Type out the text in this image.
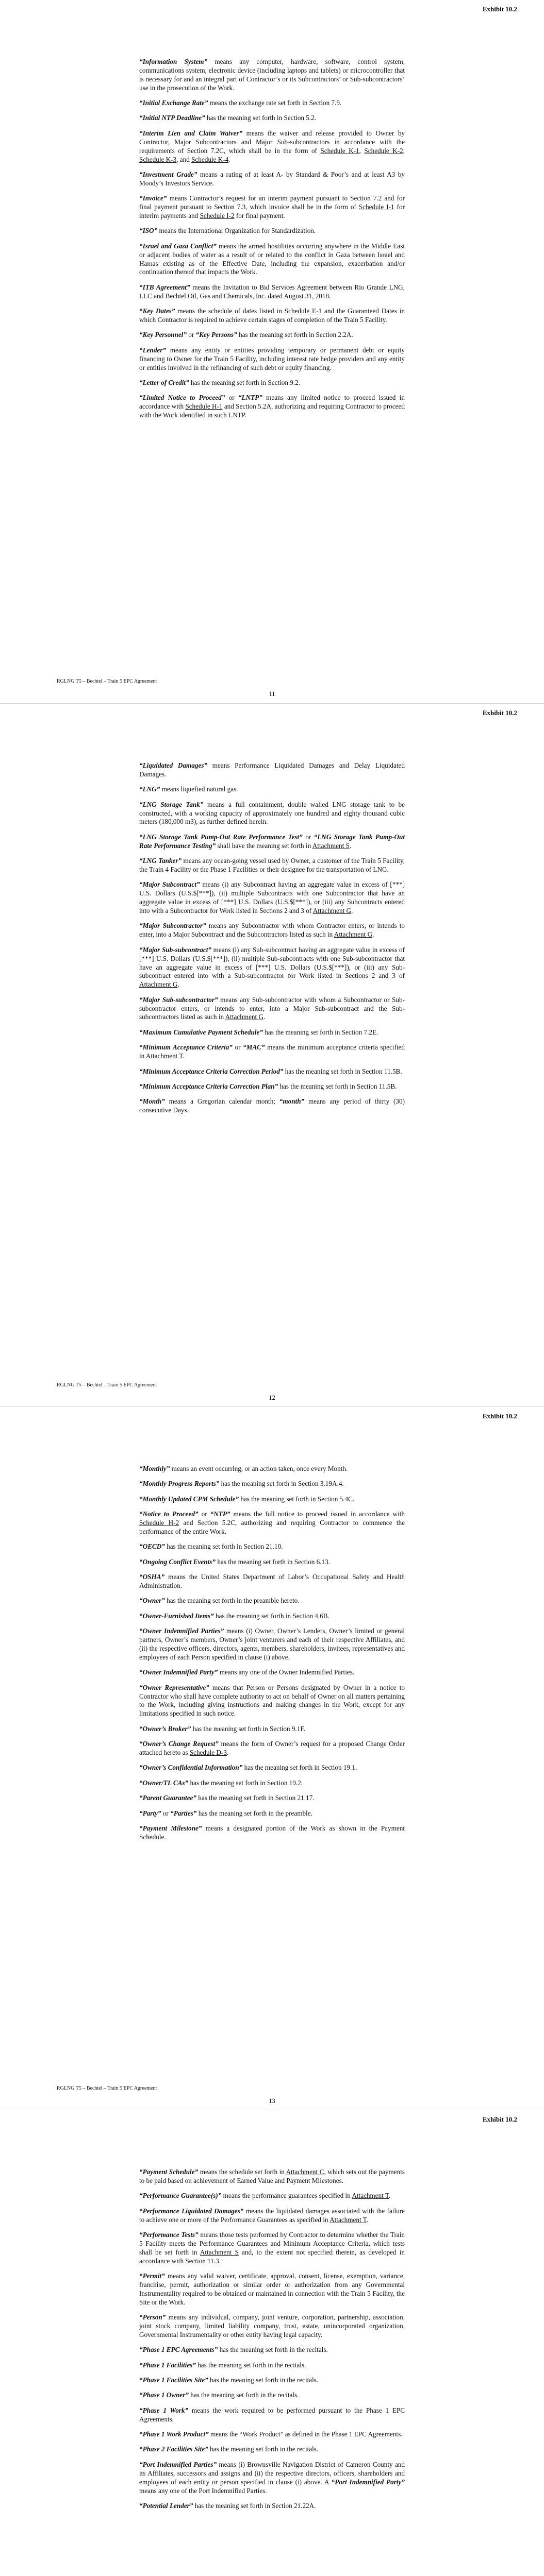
Exhibit 10.2

“Information System” means any computer, hardware, software, control system, communications system, electronic device (including laptops and tablets) or microcontroller that is necessary for and an integral part of Contractor’s or its Subcontractors’ or Sub-subcontractors’ use in the prosecution of the Work.

“Initial Exchange Rate” means the exchange rate set forth in Section 7.9.

“Initial NTP Deadline” has the meaning set forth in Section 5.2.

“Interim Lien and Claim Waiver” means the waiver and release provided to Owner by Contractor, Major Subcontractors and Major Sub-subcontractors in accordance with the requirements of Section 7.2C, which shall be in the form of Schedule K-1, Schedule K-2, Schedule K-3, and Schedule K-4.

“Investment Grade” means a rating of at least A- by Standard & Poor’s and at least A3 by Moody’s Investors Service.

“Invoice” means Contractor’s request for an interim payment pursuant to Section 7.2 and for final payment pursuant to Section 7.3, which invoice shall be in the form of Schedule I-1 for interim payments and Schedule I-2 for final payment.

“ISO” means the International Organization for Standardization.

“Israel and Gaza Conflict” means the armed hostilities occurring anywhere in the Middle East or adjacent bodies of water as a result of or related to the conflict in Gaza between Israel and Hamas existing as of the Effective Date, including the expansion, exacerbation and/or continuation thereof that impacts the Work.

“ITB Agreement” means the Invitation to Bid Services Agreement between Rio Grande LNG, LLC and Bechtel Oil, Gas and Chemicals, Inc. dated August 31, 2018.

“Key Dates” means the schedule of dates listed in Schedule E-1 and the Guaranteed Dates in which Contractor is required to achieve certain stages of completion of the Train 5 Facility.

“Key Personnel” or “Key Persons” has the meaning set forth in Section 2.2A.

“Lender” means any entity or entities providing temporary or permanent debt or equity financing to Owner for the Train 5 Facility, including interest rate hedge providers and any entity or entities involved in the refinancing of such debt or equity financing.

“Letter of Credit” has the meaning set forth in Section 9.2.

“Limited Notice to Proceed” or “LNTP” means any limited notice to proceed issued in accordance with Schedule H-1 and Section 5.2A, authorizing and requiring Contractor to proceed with the Work identified in such LNTP.

RGLNG T5 – Bechtel – Train 5 EPC Agreement
11
Exhibit 10.2

“Liquidated Damages” means Performance Liquidated Damages and Delay Liquidated Damages.

“LNG” means liquefied natural gas.

“LNG Storage Tank” means a full containment, double walled LNG storage tank to be constructed, with a working capacity of approximately one hundred and eighty thousand cubic meters (180,000 m3), as further defined herein.

“LNG Storage Tank Pump-Out Rate Performance Test” or “LNG Storage Tank Pump-Out Rate Performance Testing” shall have the meaning set forth in Attachment S.

“LNG Tanker” means any ocean-going vessel used by Owner, a customer of the Train 5 Facility, the Train 4 Facility or the Phase 1 Facilities or their designee for the transportation of LNG.

“Major Subcontract” means (i) any Subcontract having an aggregate value in excess of [***] U.S. Dollars (U.S.$[***]), (ii) multiple Subcontracts with one Subcontractor that have an aggregate value in excess of [***] U.S. Dollars (U.S.$[***]), or (iii) any Subcontracts entered into with a Subcontractor for Work listed in Sections 2 and 3 of Attachment G.

“Major Subcontractor” means any Subcontractor with whom Contractor enters, or intends to enter, into a Major Subcontract and the Subcontractors listed as such in Attachment G.

“Major Sub-subcontract” means (i) any Sub-subcontract having an aggregate value in excess of [***] U.S. Dollars (U.S.$[***]), (ii) multiple Sub-subcontracts with one Sub-subcontractor that have an aggregate value in excess of [***] U.S. Dollars (U.S.$[***]), or (iii) any Sub-subcontract entered into with a Sub-subcontractor for Work listed in Sections 2 and 3 of Attachment G.

“Major Sub-subcontractor” means any Sub-subcontractor with whom a Subcontractor or Sub-subcontractor enters, or intends to enter, into a Major Sub-subcontract and the Sub-subcontractors listed as such in Attachment G.

“Maximum Cumulative Payment Schedule” has the meaning set forth in Section 7.2E.

“Minimum Acceptance Criteria” or “MAC” means the minimum acceptance criteria specified in Attachment T.

“Minimum Acceptance Criteria Correction Period” has the meaning set forth in Section 11.5B.

“Minimum Acceptance Criteria Correction Plan” has the meaning set forth in Section 11.5B.

“Month” means a Gregorian calendar month; “month” means any period of thirty (30) consecutive Days.

RGLNG T5 – Bechtel – Train 5 EPC Agreement
12
Exhibit 10.2

“Monthly” means an event occurring, or an action taken, once every Month.

“Monthly Progress Reports” has the meaning set forth in Section 3.19A.4.

“Monthly Updated CPM Schedule” has the meaning set forth in Section 5.4C.

“Notice to Proceed” or “NTP” means the full notice to proceed issued in accordance with Schedule H-2 and Section 5.2C, authorizing and requiring Contractor to commence the performance of the entire Work.

“OECD” has the meaning set forth in Section 21.10.

“Ongoing Conflict Events” has the meaning set forth in Section 6.13.

“OSHA” means the United States Department of Labor’s Occupational Safety and Health Administration.

“Owner” has the meaning set forth in the preamble hereto.

“Owner-Furnished Items” has the meaning set forth in Section 4.6B.

“Owner Indemnified Parties” means (i) Owner, Owner’s Lenders, Owner’s limited or general partners, Owner’s members, Owner’s joint venturers and each of their respective Affiliates, and (ii) the respective officers, directors, agents, members, shareholders, invitees, representatives and employees of each Person specified in clause (i) above.

“Owner Indemnified Party” means any one of the Owner Indemnified Parties.

“Owner Representative” means that Person or Persons designated by Owner in a notice to Contractor who shall have complete authority to act on behalf of Owner on all matters pertaining to the Work, including giving instructions and making changes in the Work, except for any limitations specified in such notice.

“Owner’s Broker” has the meaning set forth in Section 9.1F.

“Owner’s Change Request” means the form of Owner’s request for a proposed Change Order attached hereto as Schedule D-3.

“Owner’s Confidential Information” has the meaning set forth in Section 19.1.

“Owner/TL CAs” has the meaning set forth in Section 19.2.

“Parent Guarantee” has the meaning set forth in Section 21.17.

“Party” or “Parties” has the meaning set forth in the preamble.

“Payment Milestone” means a designated portion of the Work as shown in the Payment Schedule.

RGLNG T5 – Bechtel – Train 5 EPC Agreement
13
Exhibit 10.2

“Payment Schedule” means the schedule set forth in Attachment C, which sets out the payments to be paid based on achievement of Earned Value and Payment Milestones.

“Performance Guarantee(s)” means the performance guarantees specified in Attachment T.

“Performance Liquidated Damages” means the liquidated damages associated with the failure to achieve one or more of the Performance Guarantees as specified in Attachment T.

“Performance Tests” means those tests performed by Contractor to determine whether the Train 5 Facility meets the Performance Guarantees and Minimum Acceptance Criteria, which tests shall be set forth in Attachment S and, to the extent not specified therein, as developed in accordance with Section 11.3.

“Permit” means any valid waiver, certificate, approval, consent, license, exemption, variance, franchise, permit, authorization or similar order or authorization from any Governmental Instrumentality required to be obtained or maintained in connection with the Train 5 Facility, the Site or the Work.

“Person” means any individual, company, joint venture, corporation, partnership, association, joint stock company, limited liability company, trust, estate, unincorporated organization, Governmental Instrumentality or other entity having legal capacity.

“Phase 1 EPC Agreements” has the meaning set forth in the recitals.

“Phase 1 Facilities” has the meaning set forth in the recitals.

“Phase 1 Facilities Site” has the meaning set forth in the recitals.

“Phase 1 Owner” has the meaning set forth in the recitals.

“Phase 1 Work” means the work required to be performed pursuant to the Phase 1 EPC Agreements.

“Phase 1 Work Product” means the “Work Product” as defined in the Phase 1 EPC Agreements.

“Phase 2 Facilities Site” has the meaning set forth in the recitals.

“Port Indemnified Parties” means (i) Brownsville Navigation District of Cameron County and its Affiliates, successors and assigns and (ii) the respective directors, officers, shareholders and employees of each entity or person specified in clause (i) above. A “Port Indemnified Party” means any one of the Port Indemnified Parties.

“Potential Lender” has the meaning set forth in Section 21.22A.
